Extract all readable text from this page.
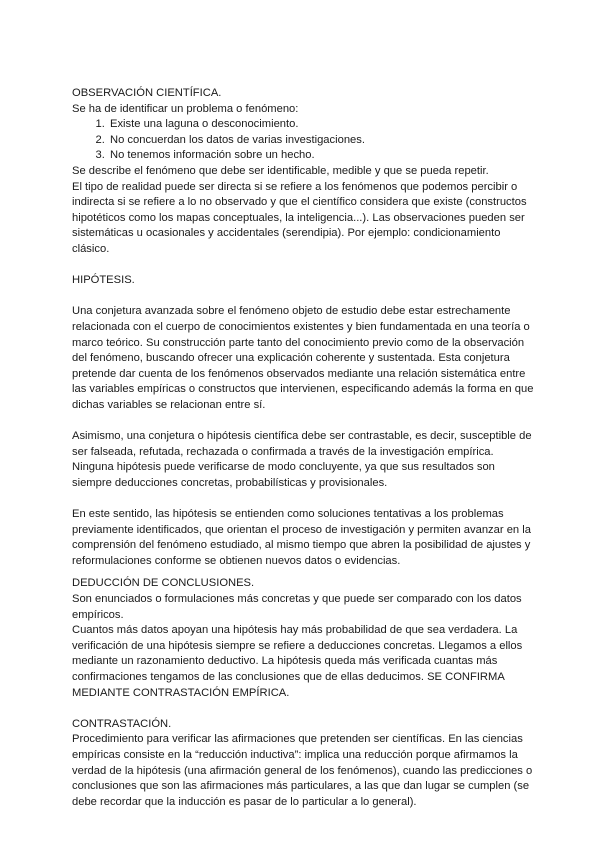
OBSERVACIÓN CIENTÍFICA.

Se ha de identificar un problema o fenómeno:

1. Existe una laguna o desconocimiento.
2. No concuerdan los datos de varias investigaciones.
3. No tenemos información sobre un hecho.

Se describe el fenómeno que debe ser identificable, medible y que se pueda repetir.

El tipo de realidad puede ser directa si se refiere a los fenómenos que podemos percibir o indirecta si se refiere a lo no observado y que el científico considera que existe (constructos hipotéticos como los mapas conceptuales, la inteligencia...). Las observaciones pueden ser sistemáticas u ocasionales y accidentales (serendipia). Por ejemplo: condicionamiento clásico.

HIPÓTESIS.

Una conjetura avanzada sobre el fenómeno objeto de estudio debe estar estrechamente relacionada con el cuerpo de conocimientos existentes y bien fundamentada en una teoría o marco teórico. Su construcción parte tanto del conocimiento previo como de la observación del fenómeno, buscando ofrecer una explicación coherente y sustentada. Esta conjetura pretende dar cuenta de los fenómenos observados mediante una relación sistemática entre las variables empíricas o constructos que intervienen, especificando además la forma en que dichas variables se relacionan entre sí.

Asimismo, una conjetura o hipótesis científica debe ser contrastable, es decir, susceptible de ser falseada, refutada, rechazada o confirmada a través de la investigación empírica. Ninguna hipótesis puede verificarse de modo concluyente, ya que sus resultados son siempre deducciones concretas, probabilísticas y provisionales.

En este sentido, las hipótesis se entienden como soluciones tentativas a los problemas previamente identificados, que orientan el proceso de investigación y permiten avanzar en la comprensión del fenómeno estudiado, al mismo tiempo que abren la posibilidad de ajustes y reformulaciones conforme se obtienen nuevos datos o evidencias.

DEDUCCIÓN DE CONCLUSIONES.

Son enunciados o formulaciones más concretas y que puede ser comparado con los datos empíricos.

Cuantos más datos apoyan una hipótesis hay más probabilidad de que sea verdadera. La verificación de una hipótesis siempre se refiere a deducciones concretas. Llegamos a ellos mediante un razonamiento deductivo. La hipótesis queda más verificada cuantas más confirmaciones tengamos de las conclusiones que de ellas deducimos. SE CONFIRMA MEDIANTE CONTRASTACIÓN EMPÍRICA.

CONTRASTACIÓN.

Procedimiento para verificar las afirmaciones que pretenden ser científicas. En las ciencias empíricas consiste en la “reducción inductiva”: implica una reducción porque afirmamos la verdad de la hipótesis (una afirmación general de los fenómenos), cuando las predicciones o conclusiones que son las afirmaciones más particulares, a las que dan lugar se cumplen (se debe recordar que la inducción es pasar de lo particular a lo general).
